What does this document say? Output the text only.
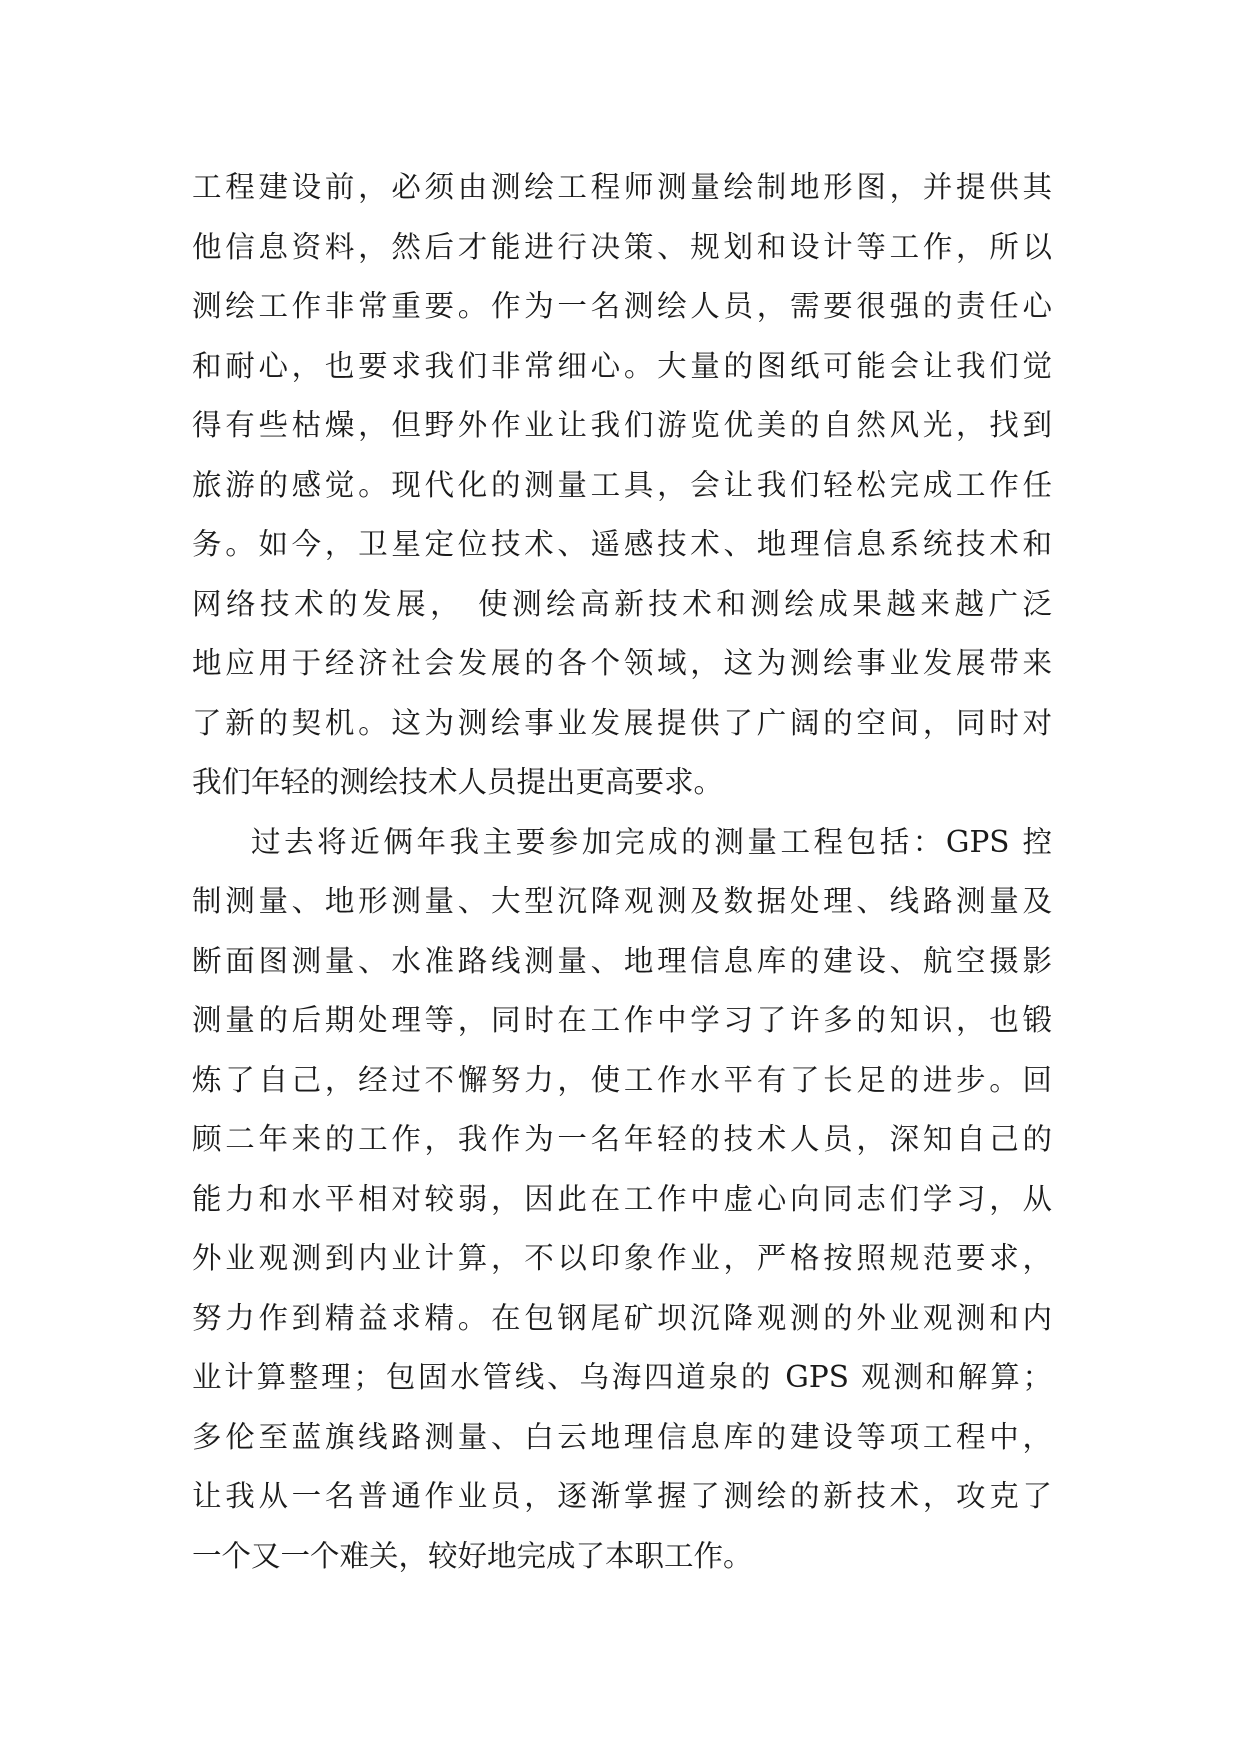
工程建设前，必须由测绘工程师测量绘制地形图，并提供其
他信息资料，然后才能进行决策、规划和设计等工作，所以
测绘工作非常重要。作为一名测绘人员，需要很强的责任心
和耐心，也要求我们非常细心。大量的图纸可能会让我们觉
得有些枯燥，但野外作业让我们游览优美的自然风光，找到
旅游的感觉。现代化的测量工具，会让我们轻松完成工作任
务。如今，卫星定位技术、遥感技术、地理信息系统技术和
网络技术的发展， 使测绘高新技术和测绘成果越来越广泛
地应用于经济社会发展的各个领域，这为测绘事业发展带来
了新的契机。这为测绘事业发展提供了广阔的空间，同时对
我们年轻的测绘技术人员提出更高要求。
过去将近俩年我主要参加完成的测量工程包括：GPS 控
制测量、地形测量、大型沉降观测及数据处理、线路测量及
断面图测量、水准路线测量、地理信息库的建设、航空摄影
测量的后期处理等，同时在工作中学习了许多的知识，也锻
炼了自己，经过不懈努力，使工作水平有了长足的进步。回
顾二年来的工作，我作为一名年轻的技术人员，深知自己的
能力和水平相对较弱，因此在工作中虚心向同志们学习，从
外业观测到内业计算，不以印象作业，严格按照规范要求，
努力作到精益求精。在包钢尾矿坝沉降观测的外业观测和内
业计算整理；包固水管线、乌海四道泉的 GPS 观测和解算；
多伦至蓝旗线路测量、白云地理信息库的建设等项工程中，
让我从一名普通作业员，逐渐掌握了测绘的新技术，攻克了
一个又一个难关，较好地完成了本职工作。
